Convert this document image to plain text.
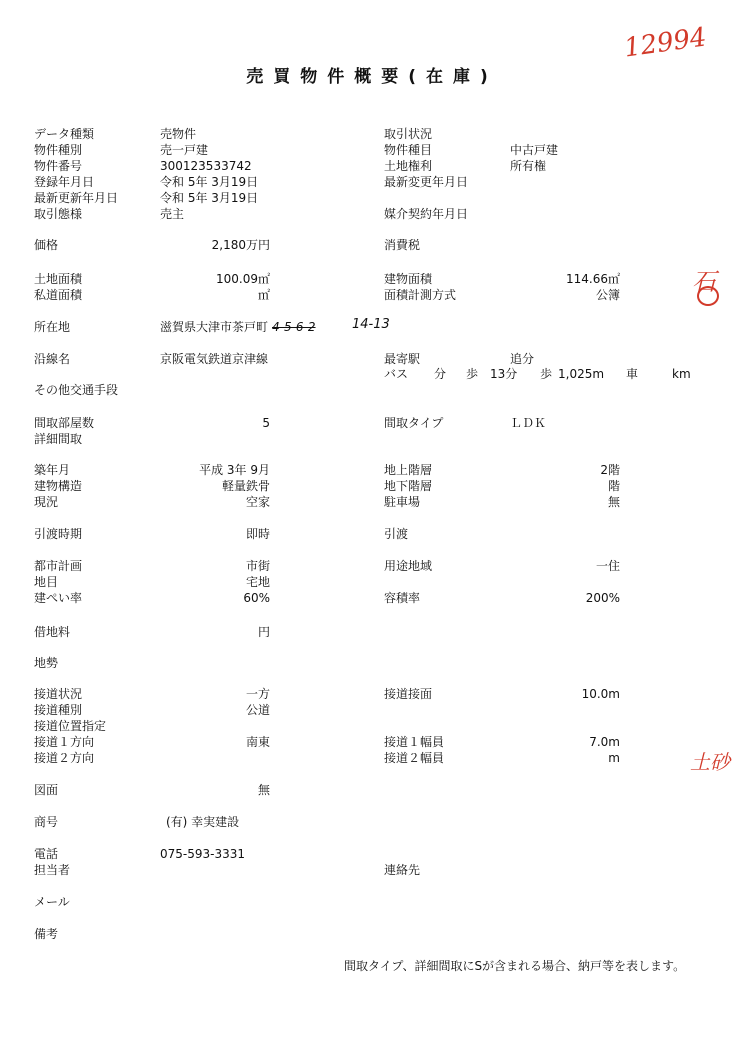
売買物件概要(在庫)
12994
石
土砂
データ種類	売物件
物件種別	売一戸建
物件番号	300123533742
登録年月日	令和 5年 3月19日
最新更新年月日	令和 5年 3月19日
取引態様	売主
価格	2,180万円
土地面積	100.09㎡
私道面積	㎡
所在地	滋賀県大津市茶戸町 4-5-6-2	14-13
沿線名	京阪電気鉄道京津線
その他交通手段
間取部屋数	5
詳細間取
築年月	平成 3年 9月
建物構造	軽量鉄骨
現況	空家
引渡時期	即時
都市計画	市街
地目	宅地
建ぺい率	60%
借地料	円
地勢
接道状況	一方
接道種別	公道
接道位置指定
接道１方向	南東
接道２方向
図面	無
商号	(有) 幸実建設
電話	075-593-3331
担当者
メール
備考
取引状況
物件種目	中古戸建
土地権利	所有権
最新変更年月日
媒介契約年月日
消費税
建物面積	114.66㎡
面積計測方式	公簿
最寄駅	追分
バス 分 歩 13分 歩 1,025m 車	km
間取タイプ	ＬＤＫ
地上階層	2階
地下階層	階
駐車場	無
引渡
用途地域	一住
容積率	200%
接道接面	10.0m
接道１幅員	7.0m
接道２幅員	m
連絡先
間取タイプ、詳細間取にSが含まれる場合、納戸等を表します。
